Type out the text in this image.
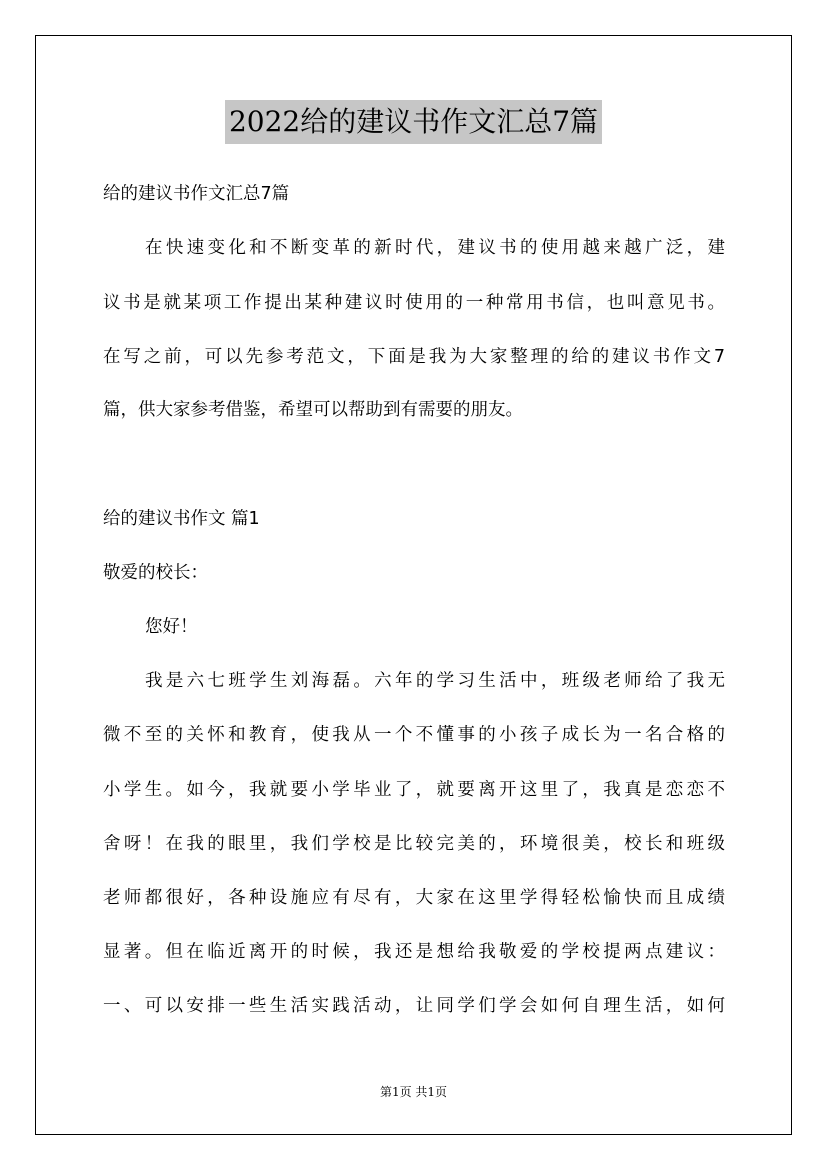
2022给的建议书作文汇总7篇
给的建议书作文汇总7篇
在快速变化和不断变革的新时代，建议书的使用越来越广泛，建
议书是就某项工作提出某种建议时使用的一种常用书信，也叫意见书。
在写之前，可以先参考范文，下面是我为大家整理的给的建议书作文7
篇，供大家参考借鉴，希望可以帮助到有需要的朋友。
给的建议书作文 篇1
敬爱的校长：
您好！
我是六七班学生刘海磊。六年的学习生活中，班级老师给了我无
微不至的关怀和教育，使我从一个不懂事的小孩子成长为一名合格的
小学生。如今，我就要小学毕业了，就要离开这里了，我真是恋恋不
舍呀！在我的眼里，我们学校是比较完美的，环境很美，校长和班级
老师都很好，各种设施应有尽有，大家在这里学得轻松愉快而且成绩
显著。但在临近离开的时候，我还是想给我敬爱的学校提两点建议：
一、可以安排一些生活实践活动，让同学们学会如何自理生活，如何
第1页 共1页
